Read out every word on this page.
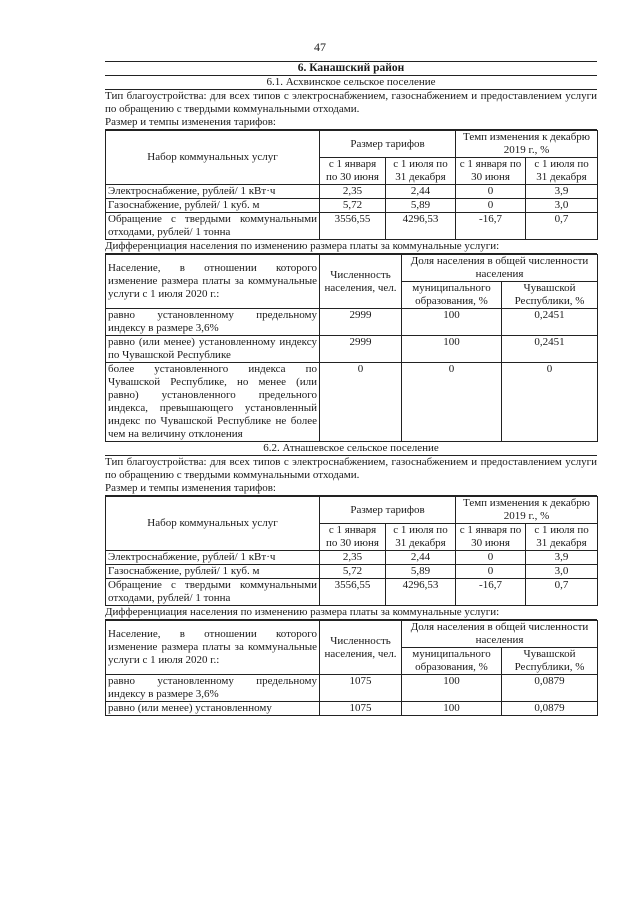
47
6. Канашский район
6.1. Асхвинское сельское поселение
Тип благоустройства: для всех типов с электроснабжением, газоснабжением и предоставлением услуги по обращению с твердыми коммунальными отходами.
Размер и темпы изменения тарифов:
Набор коммунальных услуг	Размер тарифов		Темп изменения к декабрю 2019 г., %	
	с 1 января по 30 июня	с 1 июля по 31 декабря	с 1 января по 30 июня	с 1 июля по 31 декабря
Электроснабжение, рублей/ 1 кВт·ч	2,35	2,44	0	3,9
Газоснабжение, рублей/ 1 куб. м	5,72	5,89	0	3,0
Обращение с твердыми коммунальными отходами, рублей/ 1 тонна	3556,55	4296,53	-16,7	0,7
Дифференциация населения по изменению размера платы за коммунальные услуги:
Население, в отношении которого изменение размера платы за коммунальные услуги с 1 июля 2020 г.:	Численность населения, чел.	Доля населения в общей численности населения	
		муниципального образования, %	Чувашской Республики, %
равно установленному предельному индексу в размере 3,6%	2999	100	0,2451
равно (или менее) установленному индексу по Чувашской Республике	2999	100	0,2451
более установленного индекса по Чувашской Республике, но менее (или равно) установленного предельного индекса, превышающего установленный индекс по Чувашской Республике не более чем на величину отклонения	0	0	0
6.2. Атнашевское сельское поселение
Тип благоустройства: для всех типов с электроснабжением, газоснабжением и предоставлением услуги по обращению с твердыми коммунальными отходами.
Размер и темпы изменения тарифов:
Набор коммунальных услуг	Размер тарифов		Темп изменения к декабрю 2019 г., %	
	с 1 января по 30 июня	с 1 июля по 31 декабря	с 1 января по 30 июня	с 1 июля по 31 декабря
Электроснабжение, рублей/ 1 кВт·ч	2,35	2,44	0	3,9
Газоснабжение, рублей/ 1 куб. м	5,72	5,89	0	3,0
Обращение с твердыми коммунальными отходами, рублей/ 1 тонна	3556,55	4296,53	-16,7	0,7
Дифференциация населения по изменению размера платы за коммунальные услуги:
Население, в отношении которого изменение размера платы за коммунальные услуги с 1 июля 2020 г.:	Численность населения, чел.	Доля населения в общей численности населения	
		муниципального образования, %	Чувашской Республики, %
равно установленному предельному индексу в размере 3,6%	1075	100	0,0879
равно (или менее) установленному	1075	100	0,0879
